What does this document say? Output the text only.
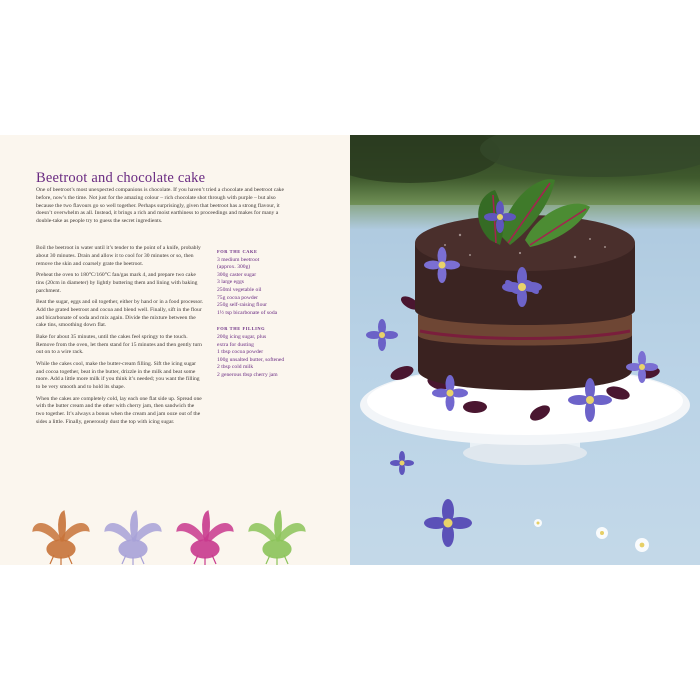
Beetroot and chocolate cake

One of beetroot’s most unexpected companions is chocolate. If you haven’t tried a chocolate and beetroot cake before, now’s the time. Not just for the amazing colour – rich chocolate shot through with purple – but also because the two flavours go so well together. Perhaps surprisingly, given that beetroot has a strong flavour, it doesn’t overwhelm as all. Instead, it brings a rich and moist earthiness to proceedings and makes for many a double-take as people try to guess the secret ingredients.

Boil the beetroot in water until it’s tender to the point of a knife, probably about 30 minutes. Drain and allow it to cool for 30 minutes or so, then remove the skin and coarsely grate the beetroot.

Preheat the oven to 180°C/160°C fan/gas mark 4, and prepare two cake tins (20cm in diameter) by lightly buttering them and lining with baking parchment.

Beat the sugar, eggs and oil together, either by hand or in a food processor. Add the grated beetroot and cocoa and blend well. Finally, sift in the flour and bicarbonate of soda and mix again. Divide the mixture between the cake tins, smoothing down flat.

Bake for about 35 minutes, until the cakes feel springy to the touch. Remove from the oven, let them stand for 15 minutes and then gently turn out on to a wire rack.

While the cakes cool, make the butter-cream filling. Sift the icing sugar and cocoa together, beat in the butter, drizzle in the milk and beat some more. Add a little more milk if you think it’s needed; you want the filling to be very smooth and to hold its shape.

When the cakes are completely cold, lay each one flat side up. Spread one with the butter cream and the other with cherry jam, then sandwich the two together. It’s always a bonus when the cream and jam ooze out of the sides a little. Finally, generously dust the top with icing sugar.

FOR THE CAKE
3 medium beetroot
(approx. 300g)
300g caster sugar
3 large eggs
250ml vegetable oil
75g cocoa powder
250g self-raising flour
1½ tsp bicarbonate of soda
FOR THE FILLING
200g icing sugar, plus
extra for dusting
1 tbsp cocoa powder
100g unsalted butter, softened
2 tbsp cold milk
2 generous tbsp cherry jam
